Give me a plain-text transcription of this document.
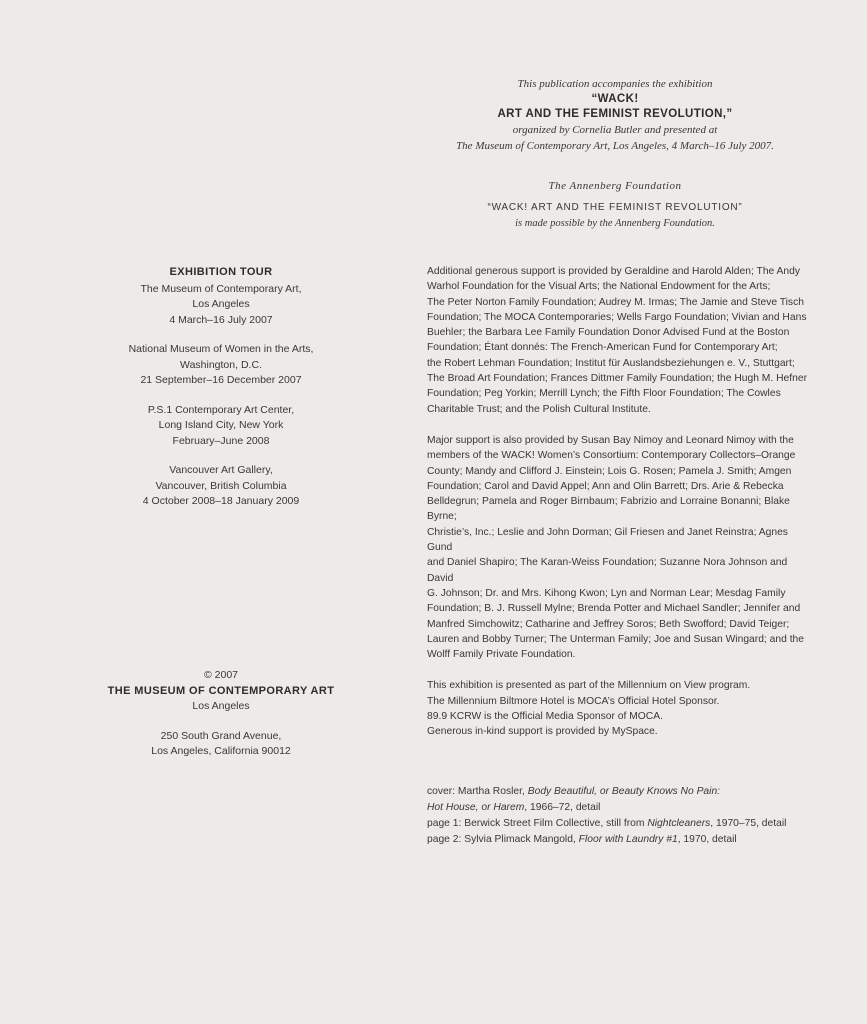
This publication accompanies the exhibition
“WACK!
ART AND THE FEMINIST REVOLUTION,”
organized by Cornelia Butler and presented at
The Museum of Contemporary Art, Los Angeles, 4 March–16 July 2007.
The Annenberg Foundation
“WACK! ART AND THE FEMINIST REVOLUTION”
is made possible by the Annenberg Foundation.
EXHIBITION TOUR
The Museum of Contemporary Art,
Los Angeles
4 March–16 July 2007
National Museum of Women in the Arts,
Washington, D.C.
21 September–16 December 2007
P.S.1 Contemporary Art Center,
Long Island City, New York
February–June 2008
Vancouver Art Gallery,
Vancouver, British Columbia
4 October 2008–18 January 2009
© 2007
THE MUSEUM OF CONTEMPORARY ART
Los Angeles
250 South Grand Avenue,
Los Angeles, California 90012

Additional generous support is provided by Geraldine and Harold Alden; The Andy
Warhol Foundation for the Visual Arts; the National Endowment for the Arts;
The Peter Norton Family Foundation; Audrey M. Irmas; The Jamie and Steve Tisch
Foundation; The MOCA Contemporaries; Wells Fargo Foundation; Vivian and Hans
Buehler; the Barbara Lee Family Foundation Donor Advised Fund at the Boston
Foundation; Étant donnés: The French-American Fund for Contemporary Art;
the Robert Lehman Foundation; Institut für Auslandsbeziehungen e. V., Stuttgart;
The Broad Art Foundation; Frances Dittmer Family Foundation; the Hugh M. Hefner
Foundation; Peg Yorkin; Merrill Lynch; the Fifth Floor Foundation; The Cowles
Charitable Trust; and the Polish Cultural Institute.

Major support is also provided by Susan Bay Nimoy and Leonard Nimoy with the
members of the WACK! Women’s Consortium: Contemporary Collectors–Orange
County; Mandy and Clifford J. Einstein; Lois G. Rosen; Pamela J. Smith; Amgen
Foundation; Carol and David Appel; Ann and Olin Barrett; Drs. Arie & Rebecka
Belldegrun; Pamela and Roger Birnbaum; Fabrizio and Lorraine Bonanni; Blake Byrne;
Christie’s, Inc.; Leslie and John Dorman; Gil Friesen and Janet Reinstra; Agnes Gund
and Daniel Shapiro; The Karan-Weiss Foundation; Suzanne Nora Johnson and David
G. Johnson; Dr. and Mrs. Kihong Kwon; Lyn and Norman Lear; Mesdag Family
Foundation; B. J. Russell Mylne; Brenda Potter and Michael Sandler; Jennifer and
Manfred Simchowitz; Catharine and Jeffrey Soros; Beth Swofford; David Teiger;
Lauren and Bobby Turner; The Unterman Family; Joe and Susan Wingard; and the
Wolff Family Private Foundation.

This exhibition is presented as part of the Millennium on View program.
The Millennium Biltmore Hotel is MOCA’s Official Hotel Sponsor.
89.9 KCRW is the Official Media Sponsor of MOCA.
Generous in-kind support is provided by MySpace.

cover: Martha Rosler, Body Beautiful, or Beauty Knows No Pain:
Hot House, or Harem, 1966–72, detail
page 1: Berwick Street Film Collective, still from Nightcleaners, 1970–75, detail
page 2: Sylvia Plimack Mangold, Floor with Laundry #1, 1970, detail
